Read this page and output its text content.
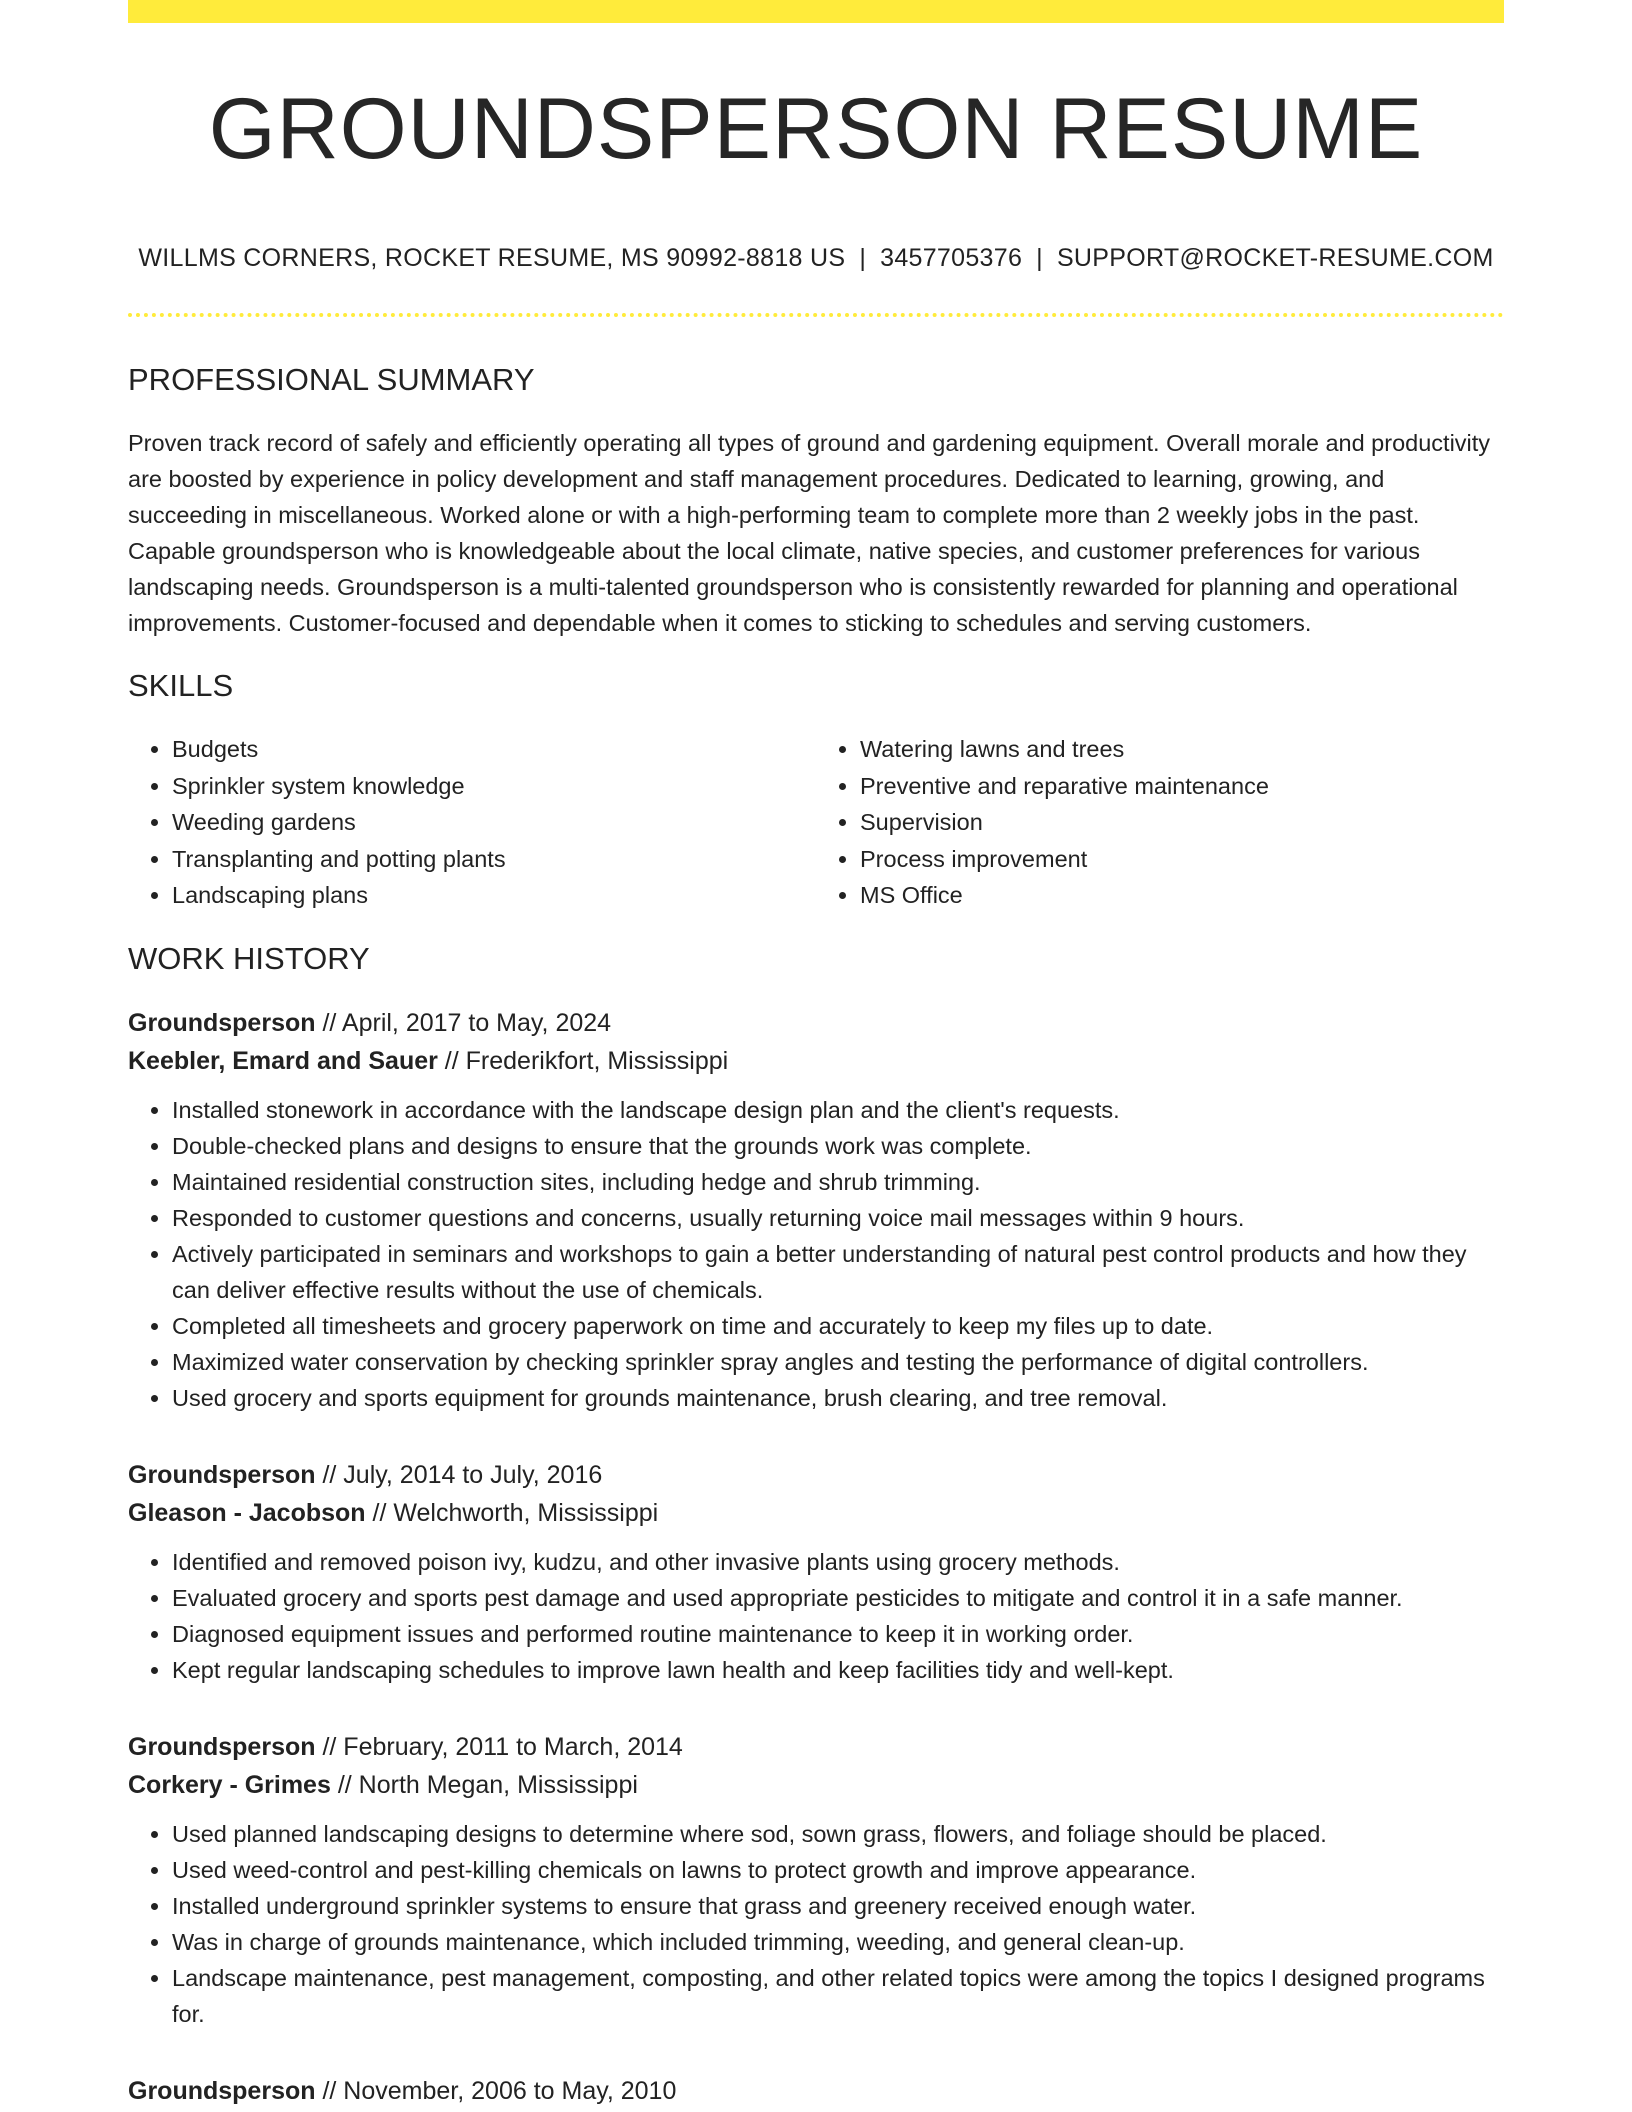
GROUNDSPERSON RESUME
WILLMS CORNERS, ROCKET RESUME, MS 90992-8818 US | 3457705376 | SUPPORT@ROCKET-RESUME.COM
PROFESSIONAL SUMMARY
Proven track record of safely and efficiently operating all types of ground and gardening equipment. Overall morale and productivity are boosted by experience in policy development and staff management procedures. Dedicated to learning, growing, and succeeding in miscellaneous. Worked alone or with a high-performing team to complete more than 2 weekly jobs in the past. Capable groundsperson who is knowledgeable about the local climate, native species, and customer preferences for various landscaping needs. Groundsperson is a multi-talented groundsperson who is consistently rewarded for planning and operational improvements. Customer-focused and dependable when it comes to sticking to schedules and serving customers.
SKILLS
• Budgets
• Sprinkler system knowledge
• Weeding gardens
• Transplanting and potting plants
• Landscaping plans
• Watering lawns and trees
• Preventive and reparative maintenance
• Supervision
• Process improvement
• MS Office
WORK HISTORY
Groundsperson // April, 2017 to May, 2024
Keebler, Emard and Sauer // Frederikfort, Mississippi
• Installed stonework in accordance with the landscape design plan and the client's requests.
• Double-checked plans and designs to ensure that the grounds work was complete.
• Maintained residential construction sites, including hedge and shrub trimming.
• Responded to customer questions and concerns, usually returning voice mail messages within 9 hours.
• Actively participated in seminars and workshops to gain a better understanding of natural pest control products and how they can deliver effective results without the use of chemicals.
• Completed all timesheets and grocery paperwork on time and accurately to keep my files up to date.
• Maximized water conservation by checking sprinkler spray angles and testing the performance of digital controllers.
• Used grocery and sports equipment for grounds maintenance, brush clearing, and tree removal.
Groundsperson // July, 2014 to July, 2016
Gleason - Jacobson // Welchworth, Mississippi
• Identified and removed poison ivy, kudzu, and other invasive plants using grocery methods.
• Evaluated grocery and sports pest damage and used appropriate pesticides to mitigate and control it in a safe manner.
• Diagnosed equipment issues and performed routine maintenance to keep it in working order.
• Kept regular landscaping schedules to improve lawn health and keep facilities tidy and well-kept.
Groundsperson // February, 2011 to March, 2014
Corkery - Grimes // North Megan, Mississippi
• Used planned landscaping designs to determine where sod, sown grass, flowers, and foliage should be placed.
• Used weed-control and pest-killing chemicals on lawns to protect growth and improve appearance.
• Installed underground sprinkler systems to ensure that grass and greenery received enough water.
• Was in charge of grounds maintenance, which included trimming, weeding, and general clean-up.
• Landscape maintenance, pest management, composting, and other related topics were among the topics I designed programs for.
Groundsperson // November, 2006 to May, 2010
